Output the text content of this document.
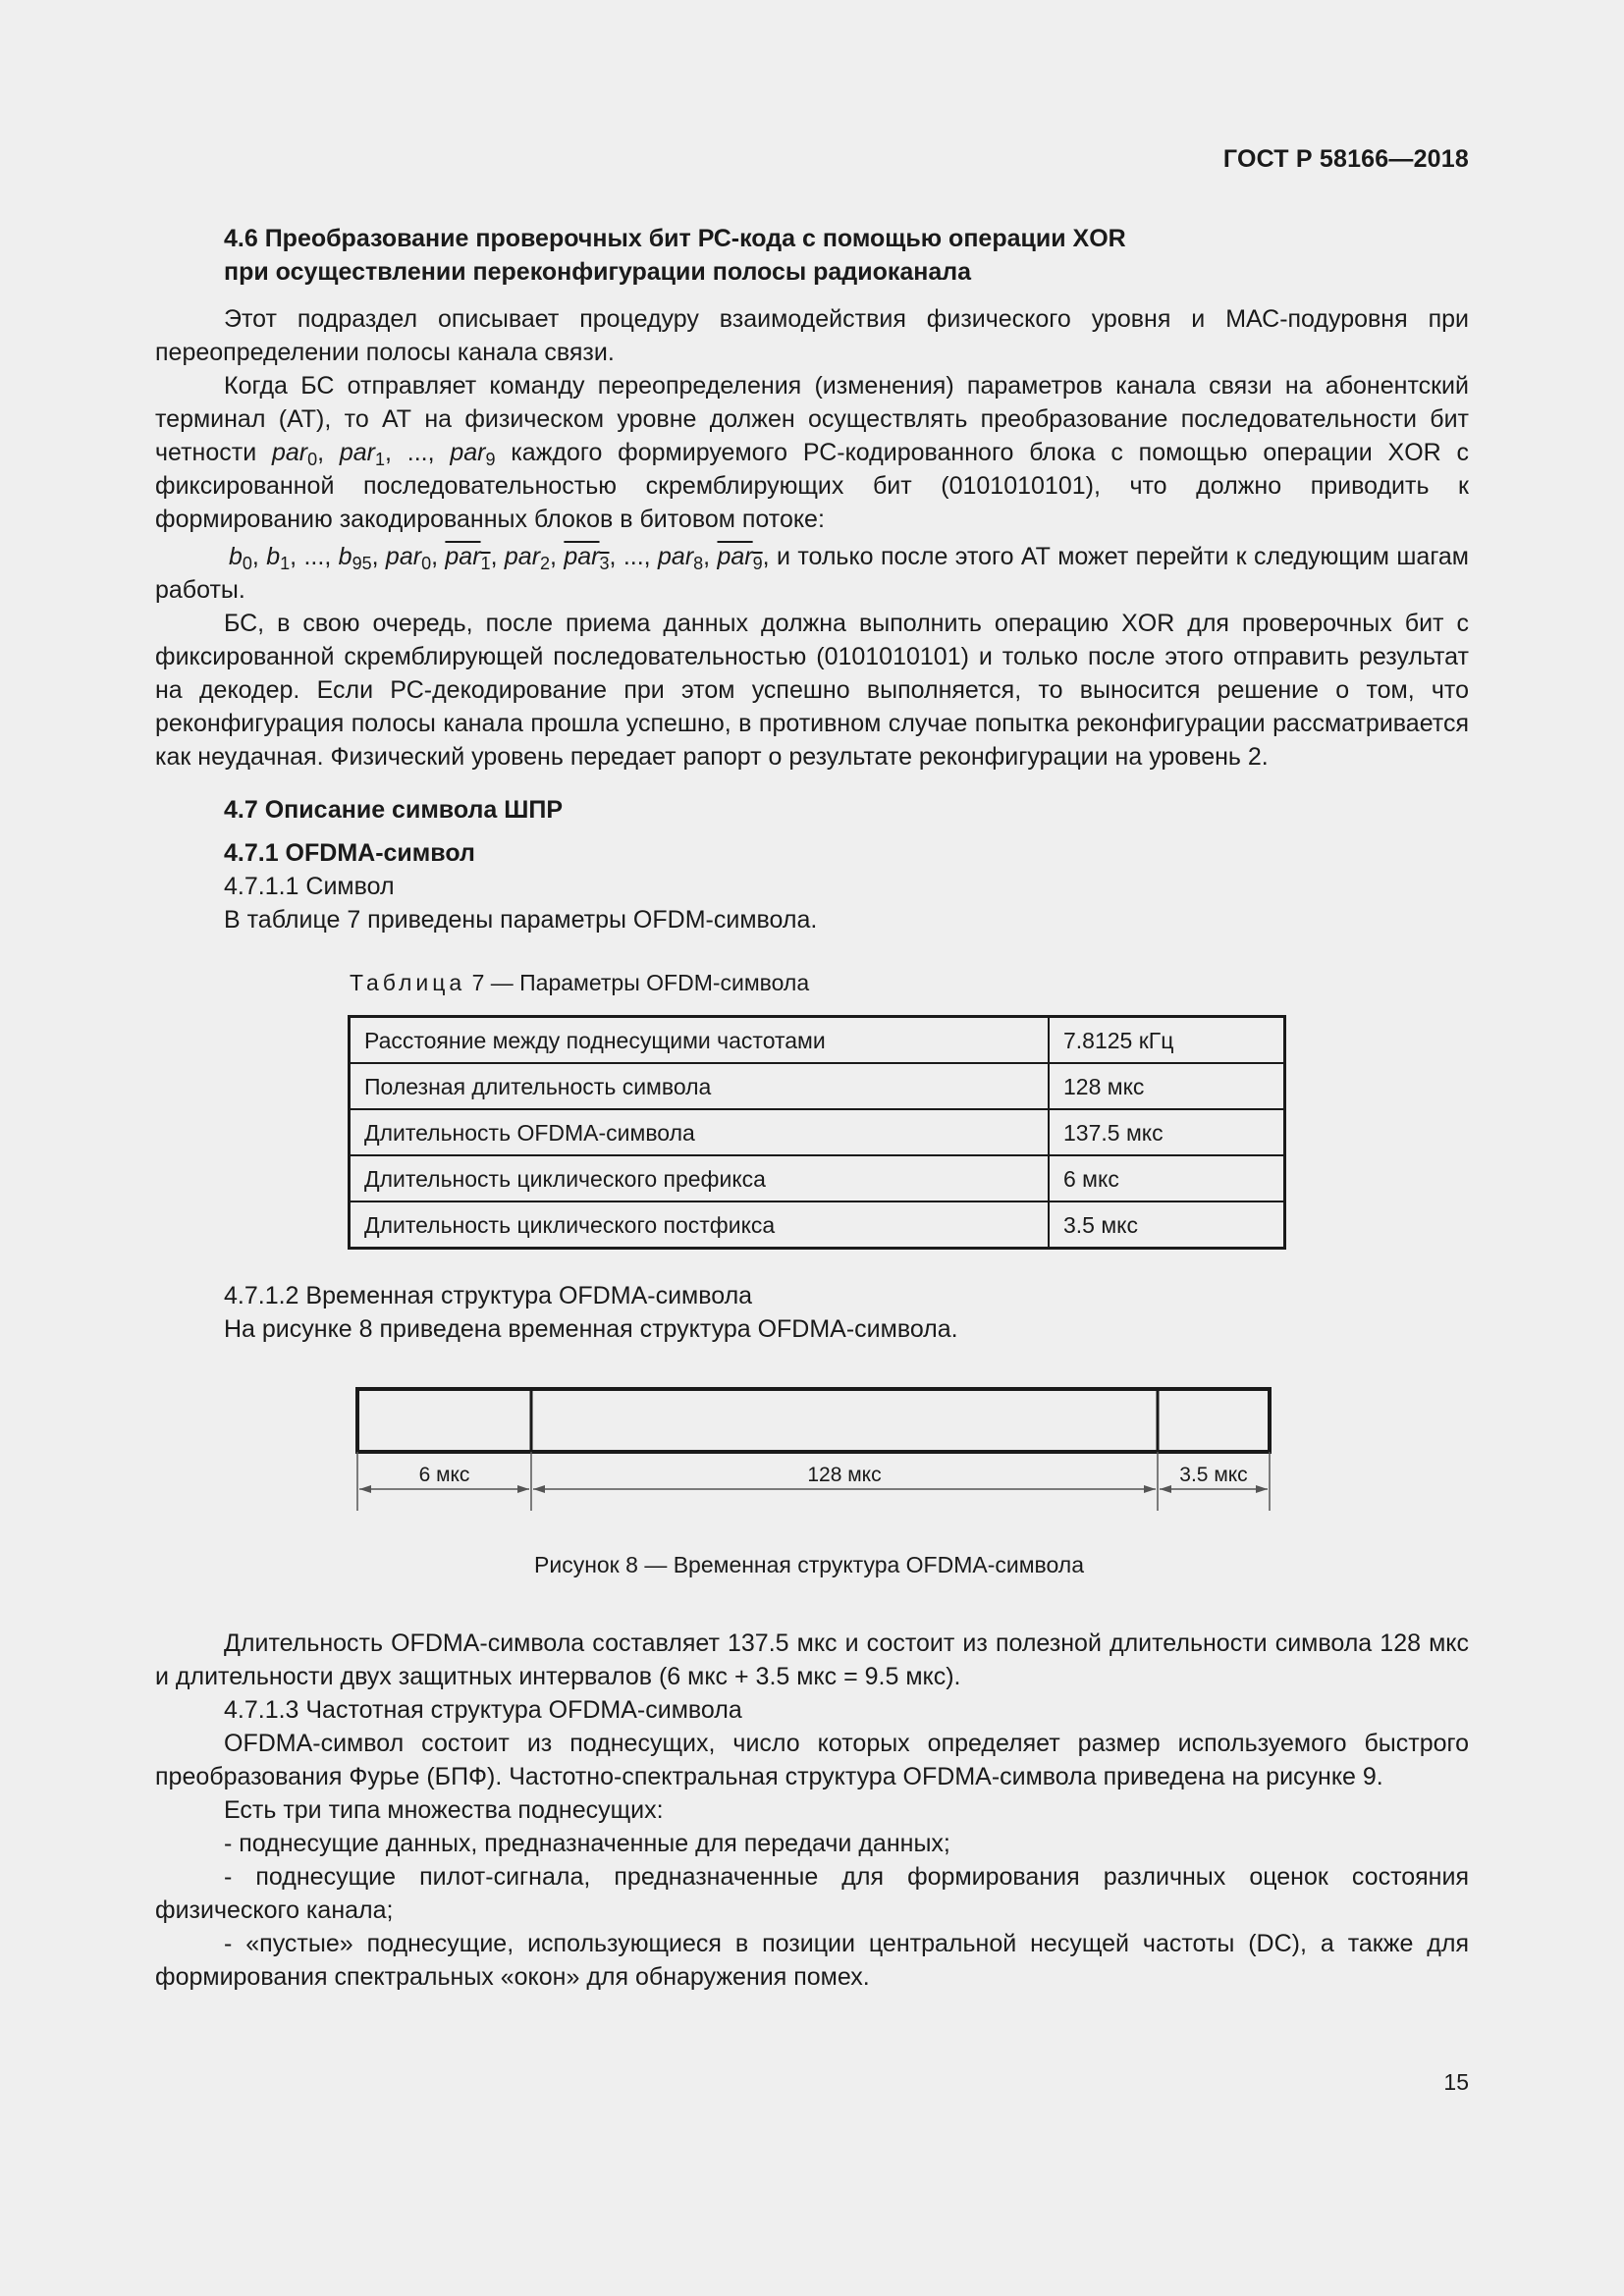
ГОСТ Р 58166—2018
4.6 Преобразование проверочных бит РС-кода с помощью операции XOR
при осуществлении переконфигурации полосы радиоканала

Этот подраздел описывает процедуру взаимодействия физического уровня и МАС-подуровня при переопределении полосы канала связи.

Когда БС отправляет команду переопределения (изменения) параметров канала связи на абонентский терминал (АТ), то АТ на физическом уровне должен осуществлять преобразование последовательности бит четности par$_0$, par$_1$, ..., par$_9$ каждого формируемого РС-кодированного блока с помощью операции XOR с фиксированной последовательностью скремблирующих бит (0101010101), что должно приводить к формированию закодированных блоков в битовом потоке:

$b_0$, $b_1$, ..., $b_{95}$, par$_0$, par$_1$, par$_2$, par$_3$, ..., par$_8$, par$_9$, и только после этого АТ может перейти к следующим шагам работы.

БС, в свою очередь, после приема данных должна выполнить операцию XOR для проверочных бит с фиксированной скремблирующей последовательностью (0101010101) и только после этого отправить результат на декодер. Если РС-декодирование при этом успешно выполняется, то выносится решение о том, что реконфигурация полосы канала прошла успешно, в противном случае попытка реконфигурации рассматривается как неудачная. Физический уровень передает рапорт о результате реконфигурации на уровень 2.

4.7 Описание символа ШПР
4.7.1 OFDMA-символ

4.7.1.1 Символ

В таблице 7 приведены параметры OFDM-символа.

Таблица 7 — Параметры OFDM-символа
Расстояние между поднесущими частотами	7.8125 кГц
Полезная длительность символа	128 мкс
Длительность OFDMA-символа	137.5 мкс
Длительность циклического префикса	6 мкс
Длительность циклического постфикса	3.5 мкс

4.7.1.2 Временная структура OFDMA-символа

На рисунке 8 приведена временная структура OFDMA-символа.

6 мкс	128 мкс	3.5 мкс
Рисунок 8 — Временная структура OFDMA-символа

Длительность OFDMA-символа составляет 137.5 мкс и состоит из полезной длительности символа 128 мкс и длительности двух защитных интервалов (6 мкс + 3.5 мкс = 9.5 мкс).

4.7.1.3 Частотная структура OFDMA-символа

OFDMA-символ состоит из поднесущих, число которых определяет размер используемого быстрого преобразования Фурье (БПФ). Частотно-спектральная структура OFDMA-символа приведена на рисунке 9.

Есть три типа множества поднесущих:

- поднесущие данных, предназначенные для передачи данных;

- поднесущие пилот-сигнала, предназначенные для формирования различных оценок состояния физического канала;

- «пустые» поднесущие, использующиеся в позиции центральной несущей частоты (DC), а также для формирования спектральных «окон» для обнаружения помех.

15
